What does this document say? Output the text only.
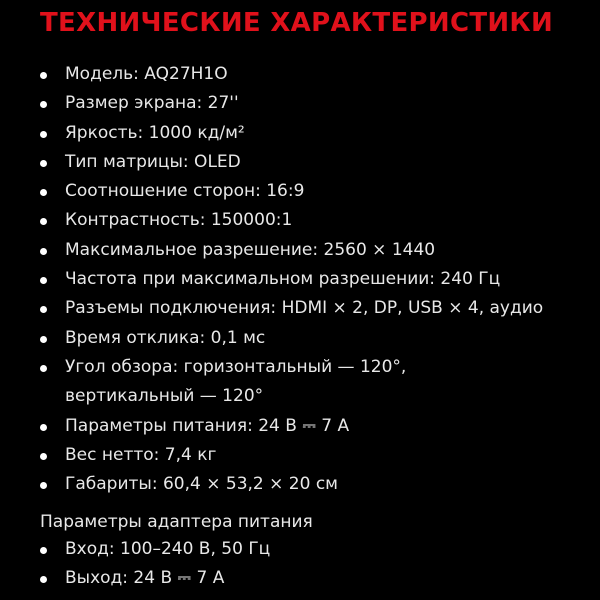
ТЕХНИЧЕСКИЕ ХАРАКТЕРИСТИКИ
Модель: AQ27H1O
Размер экрана: 27''
Яркость: 1000 кд/м²
Тип матрицы: OLED
Соотношение сторон: 16:9
Контрастность: 150000:1
Максимальное разрешение: 2560 × 1440
Частота при максимальном разрешении: 240 Гц
Разъемы подключения: HDMI × 2, DP, USB × 4, аудио
Время отклика: 0,1 мс
Угол обзора: горизонтальный — 120°,
вертикальный — 120°
Параметры питания: 24 В ⎓ 7 А
Вес нетто: 7,4 кг
Габариты: 60,4 × 53,2 × 20 см

Параметры адаптера питания

Вход: 100–240 В, 50 Гц
Выход: 24 В ⎓ 7 А
